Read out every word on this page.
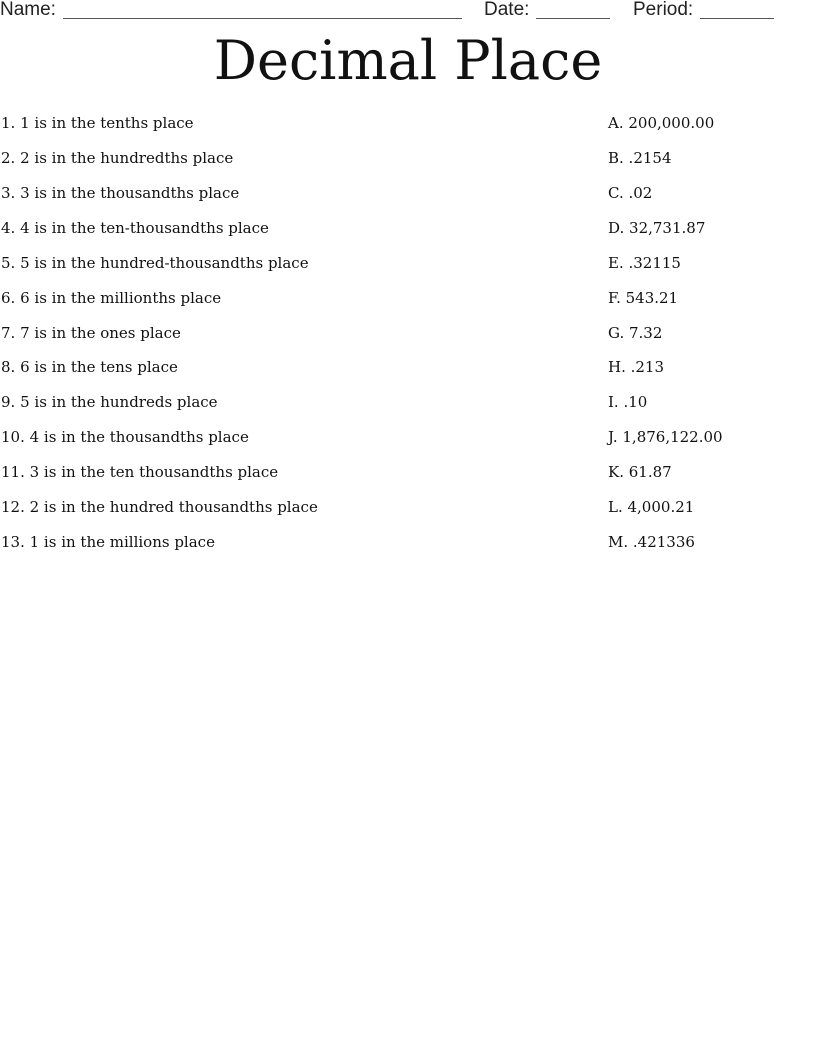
Name:	Date:	Period:
Decimal Place
1. 1 is in the tenths place	A. 200,000.00
2. 2 is in the hundredths place	B. .2154
3. 3 is in the thousandths place	C. .02
4. 4 is in the ten-thousandths place	D. 32,731.87
5. 5 is in the hundred-thousandths place	E. .32115
6. 6 is in the millionths place	F. 543.21
7. 7 is in the ones place	G. 7.32
8. 6 is in the tens place	H. .213
9. 5 is in the hundreds place	I. .10
10. 4 is in the thousandths place	J. 1,876,122.00
11. 3 is in the ten thousandths place	K. 61.87
12. 2 is in the hundred thousandths place	L. 4,000.21
13. 1 is in the millions place	M. .421336
